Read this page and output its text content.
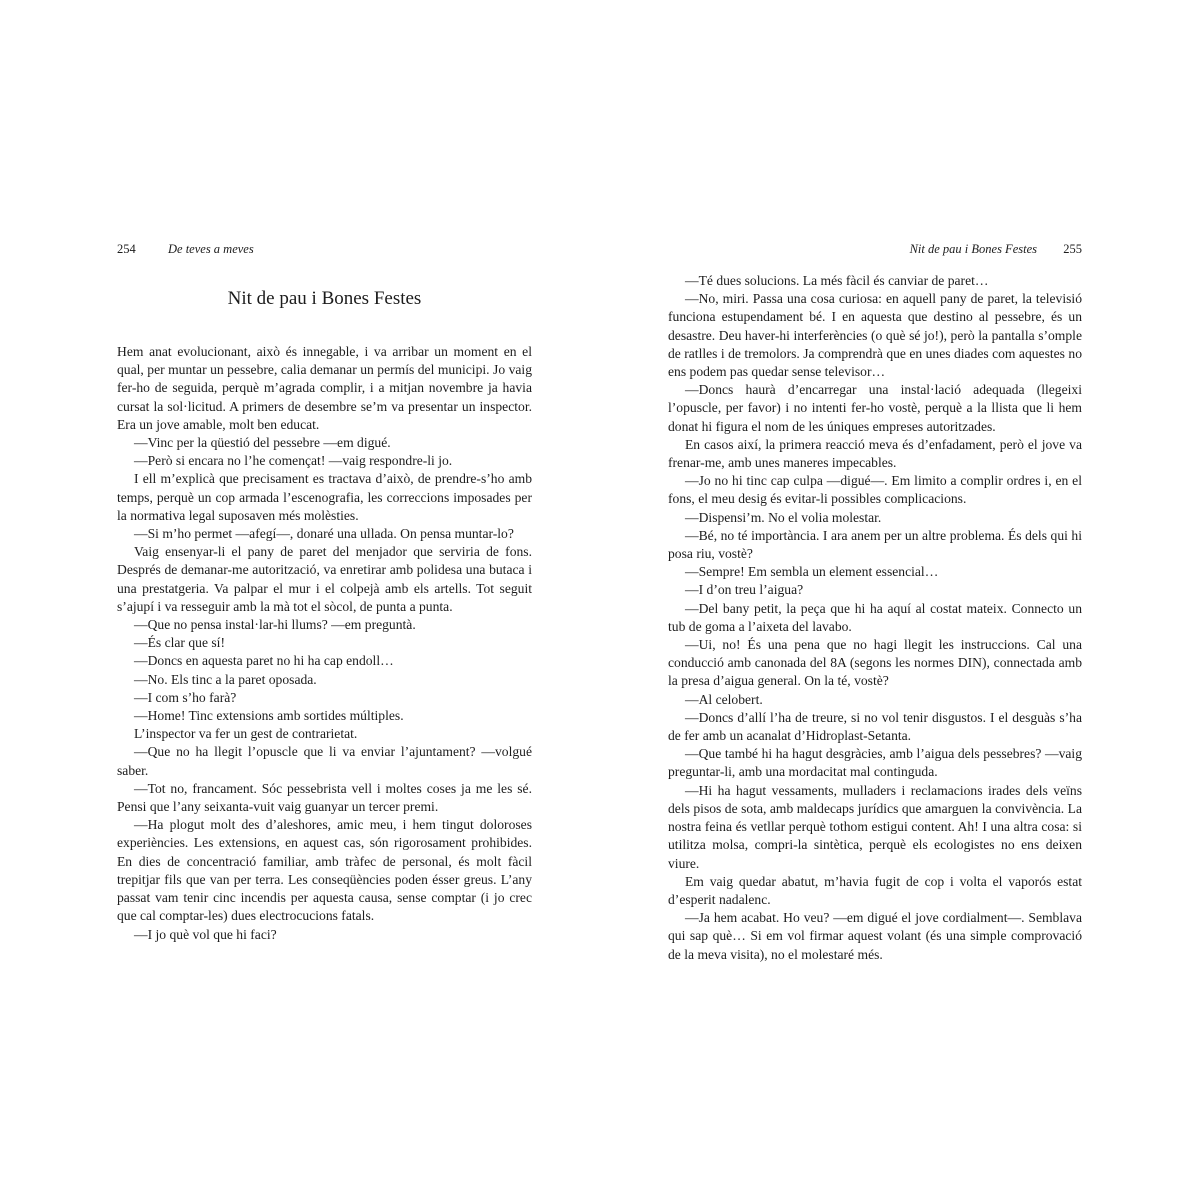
254	De teves a meves
Nit de pau i Bones Festes

Hem anat evolucionant, això és innegable, i va arribar un moment en el qual, per muntar un pessebre, calia demanar un permís del municipi. Jo vaig fer-ho de seguida, perquè m’agrada complir, i a mitjan novembre ja havia cursat la sol·licitud. A primers de desembre se’m va presentar un inspector. Era un jove amable, molt ben educat.

—Vinc per la qüestió del pessebre —em digué.

—Però si encara no l’he començat! —vaig respondre-li jo.

I ell m’explicà que precisament es tractava d’això, de prendre-s’ho amb temps, perquè un cop armada l’escenografia, les correccions imposades per la normativa legal suposaven més molèsties.

—Si m’ho permet —afegí—, donaré una ullada. On pensa muntar-lo?

Vaig ensenyar-li el pany de paret del menjador que serviria de fons. Després de demanar-me autorització, va enretirar amb polidesa una butaca i una prestatgeria. Va palpar el mur i el colpejà amb els artells. Tot seguit s’ajupí i va resseguir amb la mà tot el sòcol, de punta a punta.

—Que no pensa instal·lar-hi llums? —em preguntà.

—És clar que sí!

—Doncs en aquesta paret no hi ha cap endoll…

—No. Els tinc a la paret oposada.

—I com s’ho farà?

—Home! Tinc extensions amb sortides múltiples.

L’inspector va fer un gest de contrarietat.

—Que no ha llegit l’opuscle que li va enviar l’ajuntament? —volgué saber.

—Tot no, francament. Sóc pessebrista vell i moltes coses ja me les sé. Pensi que l’any seixanta-vuit vaig guanyar un tercer premi.

—Ha plogut molt des d’aleshores, amic meu, i hem tingut doloroses experiències. Les extensions, en aquest cas, són rigorosament prohibides. En dies de concentració familiar, amb tràfec de personal, és molt fàcil trepitjar fils que van per terra. Les conseqüències poden ésser greus. L’any passat vam tenir cinc incendis per aquesta causa, sense comptar (i jo crec que cal comptar-les) dues electrocucions fatals.

—I jo què vol que hi faci?

Nit de pau i Bones Festes 255

—Té dues solucions. La més fàcil és canviar de paret…

—No, miri. Passa una cosa curiosa: en aquell pany de paret, la televisió funciona estupendament bé. I en aquesta que destino al pessebre, és un desastre. Deu haver-hi interferències (o què sé jo!), però la pantalla s’omple de ratlles i de tremolors. Ja comprendrà que en unes diades com aquestes no ens podem pas quedar sense televisor…

—Doncs haurà d’encarregar una instal·lació adequada (llegeixi l’opuscle, per favor) i no intenti fer-ho vostè, perquè a la llista que li hem donat hi figura el nom de les úniques empreses autoritzades.

En casos així, la primera reacció meva és d’enfadament, però el jove va frenar-me, amb unes maneres impecables.

—Jo no hi tinc cap culpa —digué—. Em limito a complir ordres i, en el fons, el meu desig és evitar-li possibles complicacions.

—Dispensi’m. No el volia molestar.

—Bé, no té importància. I ara anem per un altre problema. És dels qui hi posa riu, vostè?

—Sempre! Em sembla un element essencial…

—I d’on treu l’aigua?

—Del bany petit, la peça que hi ha aquí al costat mateix. Connecto un tub de goma a l’aixeta del lavabo.

—Ui, no! És una pena que no hagi llegit les instruccions. Cal una conducció amb canonada del 8A (segons les normes DIN), connectada amb la presa d’aigua general. On la té, vostè?

—Al celobert.

—Doncs d’allí l’ha de treure, si no vol tenir disgustos. I el desguàs s’ha de fer amb un acanalat d’Hidroplast-Setanta.

—Que també hi ha hagut desgràcies, amb l’aigua dels pessebres? —vaig preguntar-li, amb una mordacitat mal continguda.

—Hi ha hagut vessaments, mulladers i reclamacions irades dels veïns dels pisos de sota, amb maldecaps jurídics que amarguen la convivència. La nostra feina és vetllar perquè tothom estigui content. Ah! I una altra cosa: si utilitza molsa, compri-la sintètica, perquè els ecologistes no ens deixen viure.

Em vaig quedar abatut, m’havia fugit de cop i volta el vaporós estat d’esperit nadalenc.

—Ja hem acabat. Ho veu? —em digué el jove cordialment—. Semblava qui sap què… Si em vol firmar aquest volant (és una simple comprovació de la meva visita), no el molestaré més.
